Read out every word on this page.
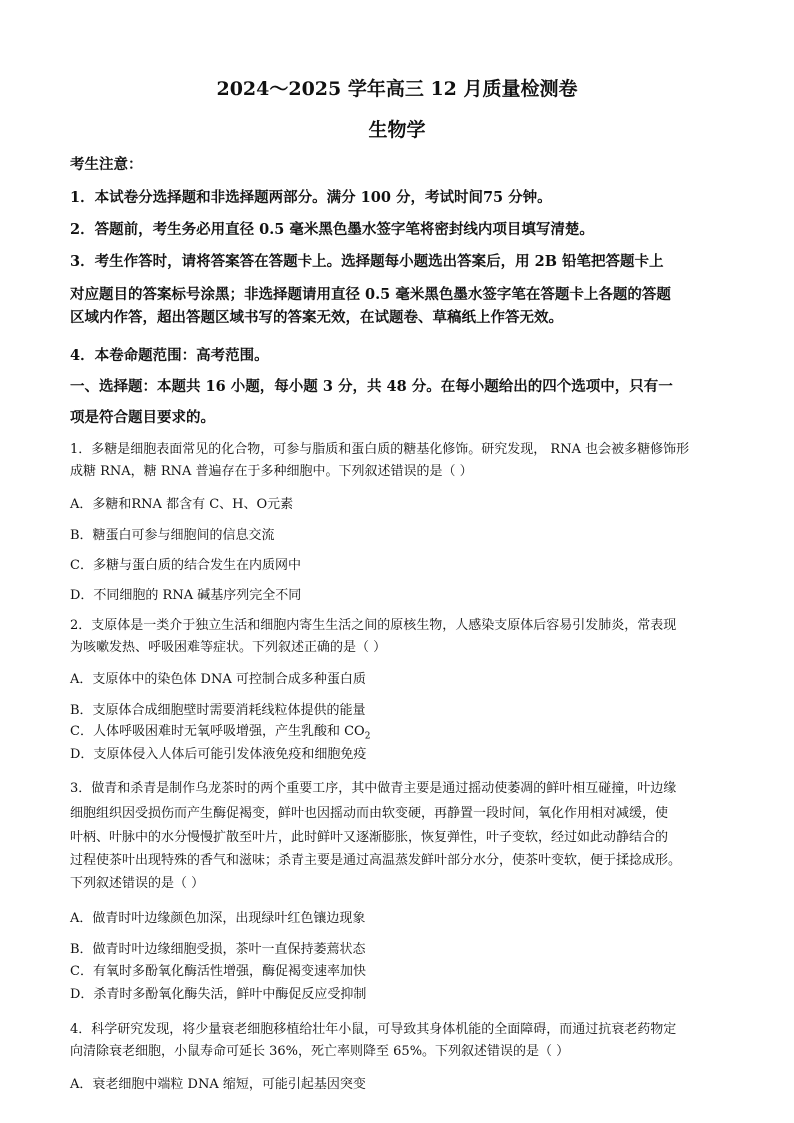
2024～2025 学年高三 12 月质量检测卷
生物学
考生注意：
1．本试卷分选择题和非选择题两部分。满分 100 分，考试时间75 分钟。
2．答题前，考生务必用直径 0.5 毫米黑色墨水签字笔将密封线内项目填写清楚。
3．考生作答时，请将答案答在答题卡上。选择题每小题选出答案后，用 2B 铅笔把答题卡上
对应题目的答案标号涂黑；非选择题请用直径 0.5 毫米黑色墨水签字笔在答题卡上各题的答题
区域内作答，超出答题区域书写的答案无效，在试题卷、草稿纸上作答无效。
4．本卷命题范围：高考范围。
一、选择题：本题共 16 小题，每小题 3 分，共 48 分。在每小题给出的四个选项中，只有一
项是符合题目要求的。
1．多糖是细胞表面常见的化合物，可参与脂质和蛋白质的糖基化修饰。研究发现， RNA 也会被多糖修饰形
成糖 RNA，糖 RNA 普遍存在于多种细胞中。下列叙述错误的是（ ）
A．多糖和RNA 都含有 C、H、O元素
B．糖蛋白可参与细胞间的信息交流
C．多糖与蛋白质的结合发生在内质网中
D．不同细胞的 RNA 碱基序列完全不同
2．支原体是一类介于独立生活和细胞内寄生生活之间的原核生物，人感染支原体后容易引发肺炎，常表现
为咳嗽发热、呼吸困难等症状。下列叙述正确的是（ ）
A．支原体中的染色体 DNA 可控制合成多种蛋白质
B．支原体合成细胞壁时需要消耗线粒体提供的能量
C．人体呼吸困难时无氧呼吸增强，产生乳酸和 $CO_2$
D．支原体侵入人体后可能引发体液免疫和细胞免疫
3．做青和杀青是制作乌龙茶时的两个重要工序，其中做青主要是通过摇动使萎凋的鲜叶相互碰撞，叶边缘
细胞组织因受损伤而产生酶促褐变，鲜叶也因摇动而由软变硬，再静置一段时间，氧化作用相对减缓，使
叶柄、叶脉中的水分慢慢扩散至叶片，此时鲜叶又逐渐膨胀，恢复弹性，叶子变软，经过如此动静结合的
过程使茶叶出现特殊的香气和滋味；杀青主要是通过高温蒸发鲜叶部分水分，使茶叶变软，便于揉捻成形。
下列叙述错误的是（ ）
A．做青时叶边缘颜色加深，出现绿叶红色镶边现象
B．做青时叶边缘细胞受损，茶叶一直保持萎蔫状态
C．有氧时多酚氧化酶活性增强，酶促褐变速率加快
D．杀青时多酚氧化酶失活，鲜叶中酶促反应受抑制
4．科学研究发现，将少量衰老细胞移植给壮年小鼠，可导致其身体机能的全面障碍，而通过抗衰老药物定
向清除衰老细胞，小鼠寿命可延长 36%，死亡率则降至 65%。下列叙述错误的是（ ）
A．衰老细胞中端粒 DNA 缩短，可能引起基因突变
